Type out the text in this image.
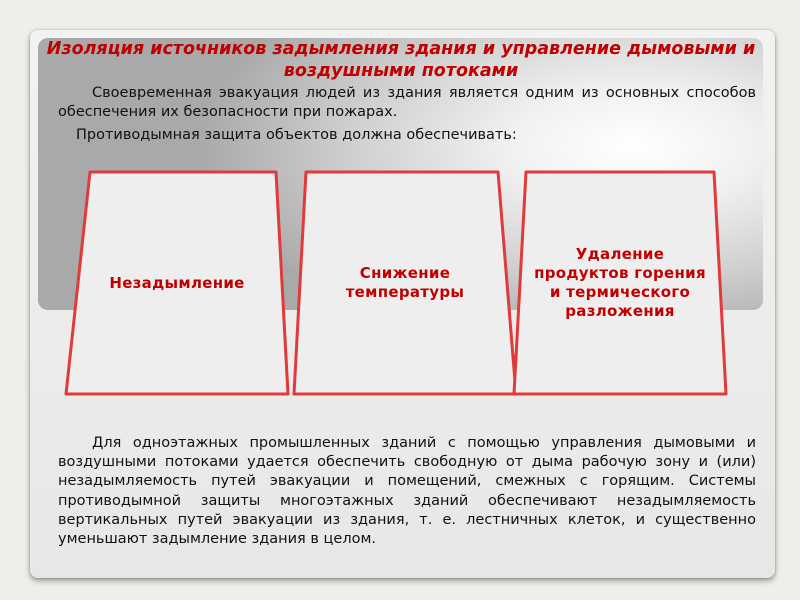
Изоляция источников задымления здания и управление дымовыми и воздушными потоками

Своевременная эвакуация людей из здания является одним из основных способов обеспечения их безопасности при пожарах.

Противодымная защита объектов должна обеспечивать:

Незадымление
Снижение температуры
Удаление продуктов горения и термического разложения

Для одноэтажных промышленных зданий с помощью управления дымовыми и воздушными потоками удается обеспечить свободную от дыма рабочую зону и (или) незадымляемость путей эвакуации и помещений, смежных с горящим. Системы противодымной защиты многоэтажных зданий обеспечивают незадымляемость вертикальных путей эвакуации из здания, т. е. лестничных клеток, и существенно уменьшают задымление здания в целом.
